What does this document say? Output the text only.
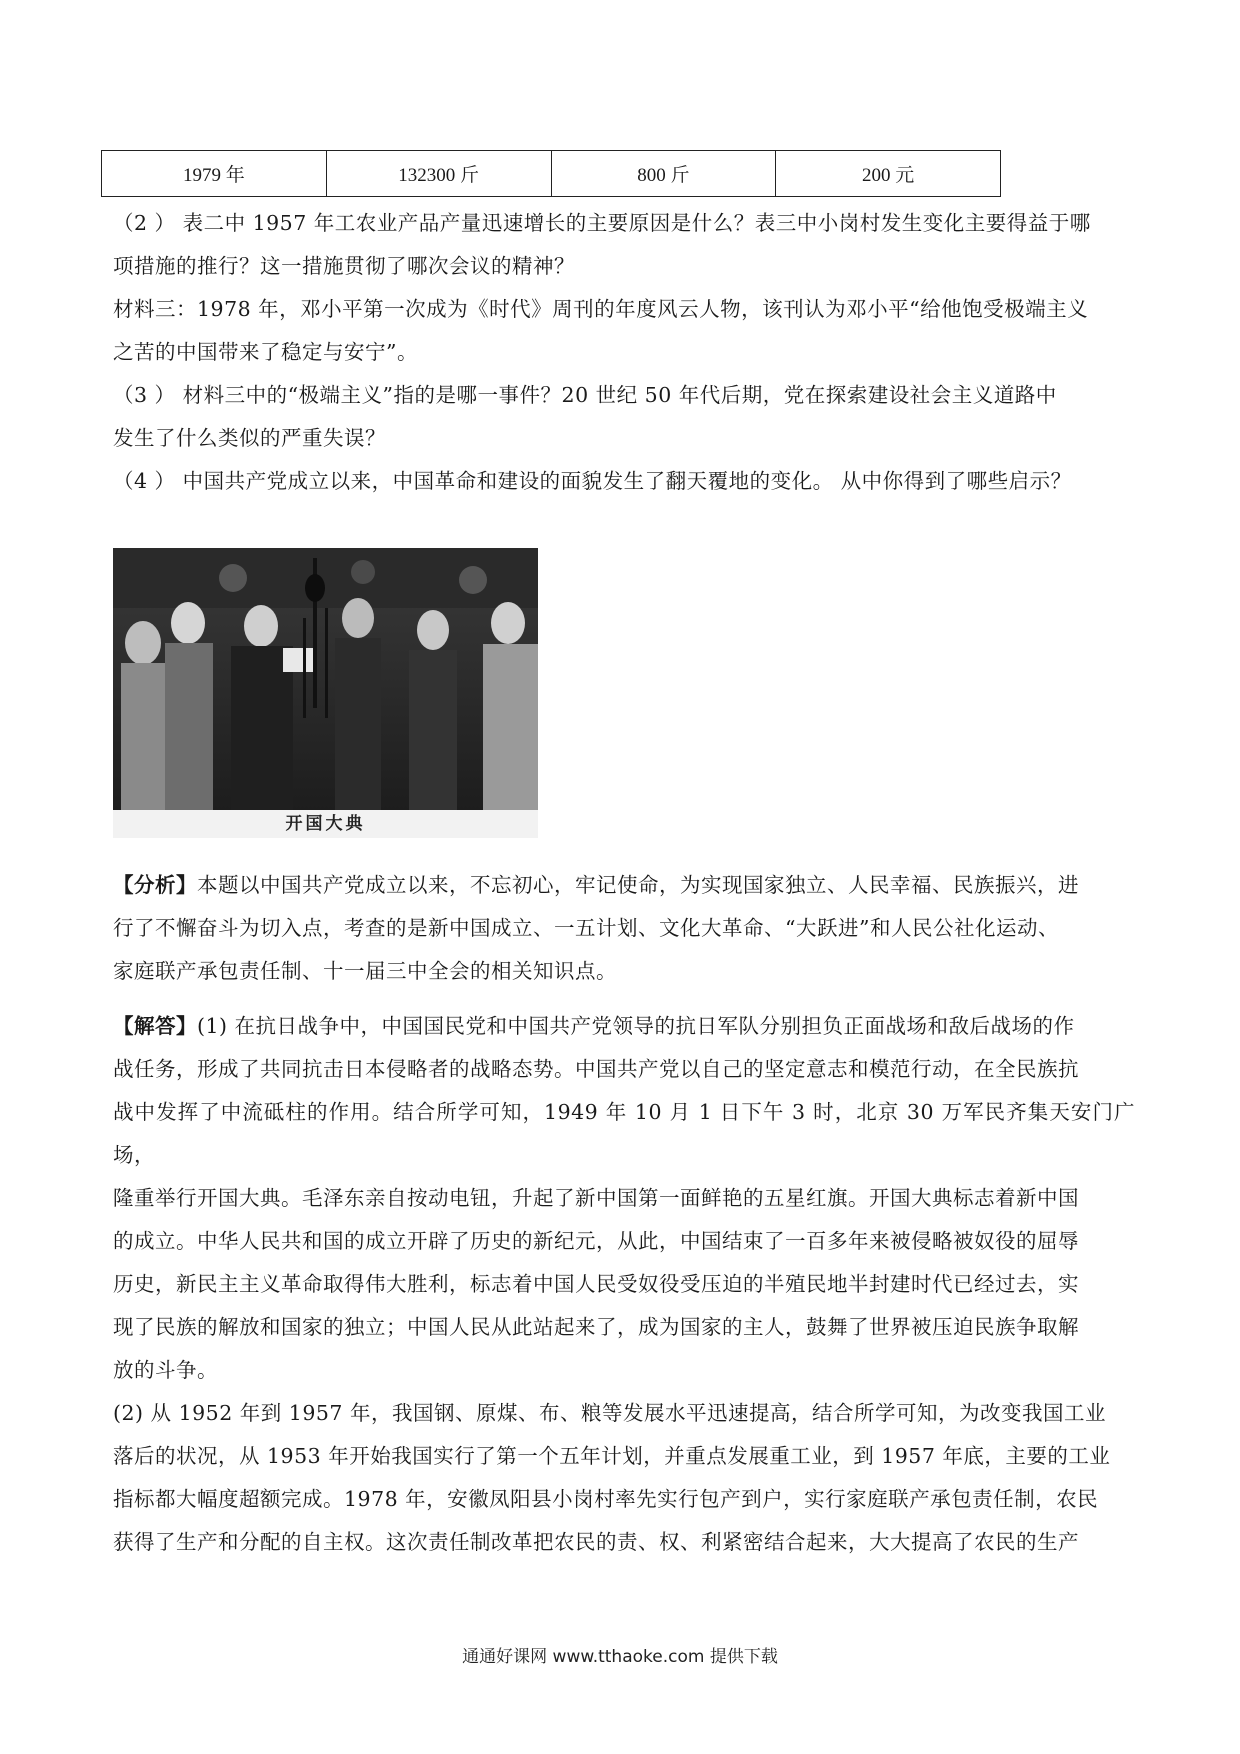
1979 年	132300 斤	800 斤	200 元
（2 ） 表二中 1957 年工农业产品产量迅速增长的主要原因是什么？表三中小岗村发生变化主要得益于哪
项措施的推行？这一措施贯彻了哪次会议的精神？
材料三：1978 年，邓小平第一次成为《时代》周刊的年度风云人物，该刊认为邓小平“给他饱受极端主义
之苦的中国带来了稳定与安宁”。
（3 ） 材料三中的“极端主义”指的是哪一事件？20 世纪 50 年代后期，党在探索建设社会主义道路中
发生了什么类似的严重失误？
（4 ） 中国共产党成立以来，中国革命和建设的面貌发生了翻天覆地的变化。 从中你得到了哪些启示？
开国大典
【分析】本题以中国共产党成立以来，不忘初心，牢记使命，为实现国家独立、人民幸福、民族振兴，进
行了不懈奋斗为切入点，考查的是新中国成立、一五计划、文化大革命、“大跃进”和人民公社化运动、
家庭联产承包责任制、十一届三中全会的相关知识点。
【解答】(1) 在抗日战争中，中国国民党和中国共产党领导的抗日军队分别担负正面战场和敌后战场的作
战任务，形成了共同抗击日本侵略者的战略态势。中国共产党以自己的坚定意志和模范行动，在全民族抗
战中发挥了中流砥柱的作用。结合所学可知，1949 年 10 月 1 日下午 3 时，北京 30 万军民齐集天安门广场，
隆重举行开国大典。毛泽东亲自按动电钮，升起了新中国第一面鲜艳的五星红旗。开国大典标志着新中国
的成立。中华人民共和国的成立开辟了历史的新纪元，从此，中国结束了一百多年来被侵略被奴役的屈辱
历史，新民主主义革命取得伟大胜利，标志着中国人民受奴役受压迫的半殖民地半封建时代已经过去，实
现了民族的解放和国家的独立；中国人民从此站起来了，成为国家的主人，鼓舞了世界被压迫民族争取解
放的斗争。
(2) 从 1952 年到 1957 年，我国钢、原煤、布、粮等发展水平迅速提高，结合所学可知，为改变我国工业
落后的状况，从 1953 年开始我国实行了第一个五年计划，并重点发展重工业，到 1957 年底，主要的工业
指标都大幅度超额完成。1978 年，安徽凤阳县小岗村率先实行包产到户，实行家庭联产承包责任制，农民
获得了生产和分配的自主权。这次责任制改革把农民的责、权、利紧密结合起来，大大提高了农民的生产
通通好课网 www.tthaoke.com 提供下载
